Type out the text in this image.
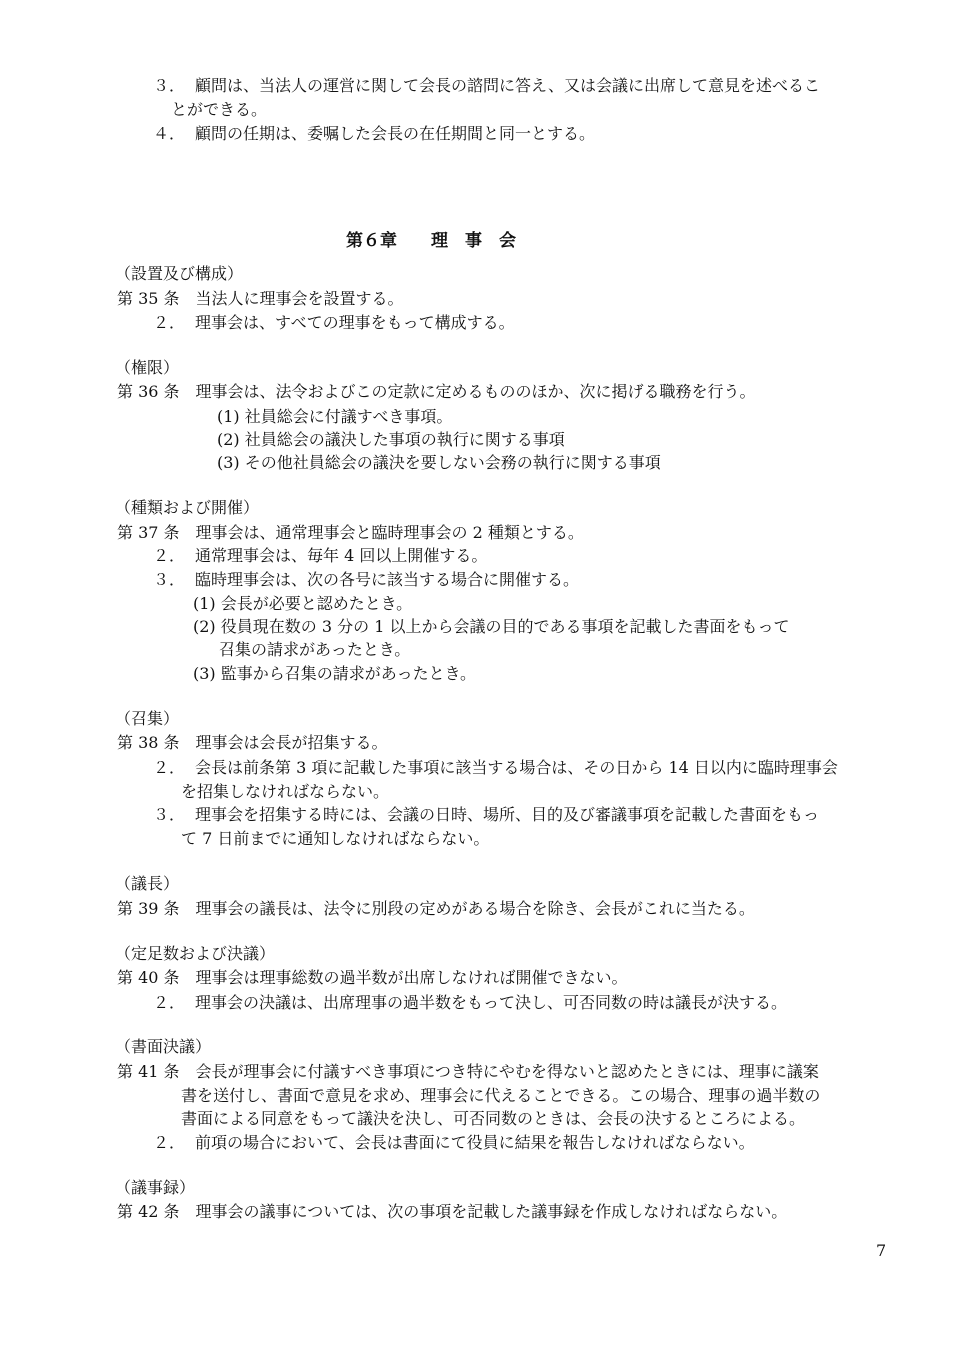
３． 顧問は、当法人の運営に関して会長の諮問に答え、又は会議に出席して意見を述べるこ
とができる。
４． 顧問の任期は、委嘱した会長の在任期間と同一とする。
第６章　　理　事　会
（設置及び構成）
第 35 条　当法人に理事会を設置する。
２． 理事会は、すべての理事をもって構成する。
（権限）
第 36 条　理事会は、法令およびこの定款に定めるもののほか、次に掲げる職務を行う。
(1) 社員総会に付議すべき事項。
(2) 社員総会の議決した事項の執行に関する事項
(3) その他社員総会の議決を要しない会務の執行に関する事項
（種類および開催）
第 37 条　理事会は、通常理事会と臨時理事会の 2 種類とする。
２． 通常理事会は、毎年 4 回以上開催する。
３． 臨時理事会は、次の各号に該当する場合に開催する。
(1) 会長が必要と認めたとき。
(2) 役員現在数の 3 分の 1 以上から会議の目的である事項を記載した書面をもって
召集の請求があったとき。
(3) 監事から召集の請求があったとき。
（召集）
第 38 条　理事会は会長が招集する。
２． 会長は前条第 3 項に記載した事項に該当する場合は、その日から 14 日以内に臨時理事会
を招集しなければならない。
３． 理事会を招集する時には、会議の日時、場所、目的及び審議事項を記載した書面をもっ
て 7 日前までに通知しなければならない。
（議長）
第 39 条　理事会の議長は、法令に別段の定めがある場合を除き、会長がこれに当たる。
（定足数および決議）
第 40 条　理事会は理事総数の過半数が出席しなければ開催できない。
２． 理事会の決議は、出席理事の過半数をもって決し、可否同数の時は議長が決する。
（書面決議）
第 41 条　会長が理事会に付議すべき事項につき特にやむを得ないと認めたときには、理事に議案
書を送付し、書面で意見を求め、理事会に代えることできる。この場合、理事の過半数の
書面による同意をもって議決を決し、可否同数のときは、会長の決するところによる。
２． 前項の場合において、会長は書面にて役員に結果を報告しなければならない。
（議事録）
第 42 条　理事会の議事については、次の事項を記載した議事録を作成しなければならない。
7
